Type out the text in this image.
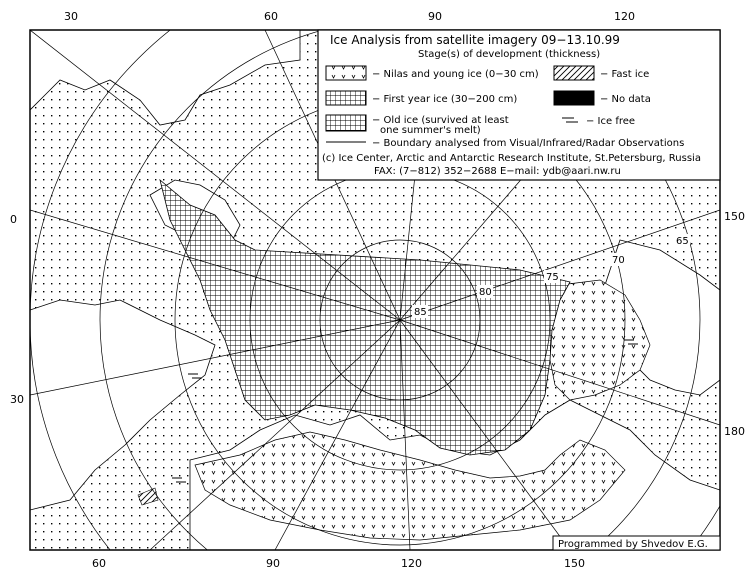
85
80
75
70
65
30	60	90	120
60	90	120	150
0
30
150
180
Ice Analysis from satellite imagery 09−13.10.99
Stage(s) of development (thickness)
− Nilas and young ice (0−30 cm)	− Fast ice
− First year ice (30−200 cm)	− No data
− Old ice (survived at least
one summer's melt)
− Ice free
− Boundary analysed from Visual/Infrared/Radar Observations
(c) Ice Center, Arctic and Antarctic Research Institute, St.Petersburg, Russia
FAX: (7−812) 352−2688 E−mail: ydb@aari.nw.ru
Programmed by Shvedov E.G.
